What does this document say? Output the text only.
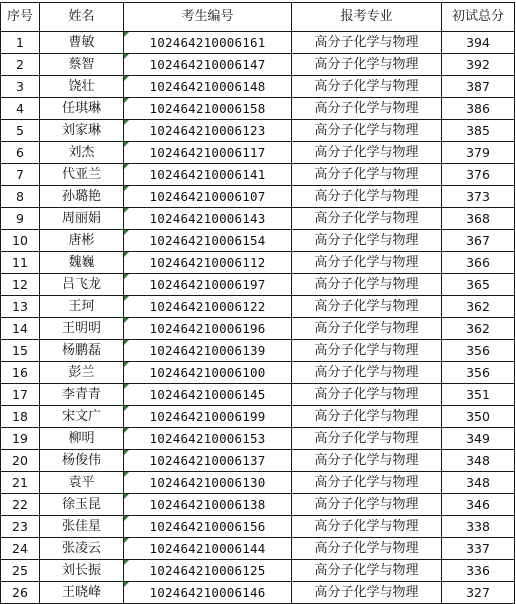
序号	姓名	考生编号	报考专业	初试总分
1	曹敏	102464210006161	高分子化学与物理	394
2	蔡智	102464210006147	高分子化学与物理	392
3	饶壮	102464210006148	高分子化学与物理	387
4	任琪琳	102464210006158	高分子化学与物理	386
5	刘家琳	102464210006123	高分子化学与物理	385
6	刘杰	102464210006117	高分子化学与物理	379
7	代亚兰	102464210006141	高分子化学与物理	376
8	孙璐艳	102464210006107	高分子化学与物理	373
9	周丽娟	102464210006143	高分子化学与物理	368
10	唐彬	102464210006154	高分子化学与物理	367
11	魏巍	102464210006112	高分子化学与物理	366
12	吕飞龙	102464210006197	高分子化学与物理	365
13	王珂	102464210006122	高分子化学与物理	362
14	王明明	102464210006196	高分子化学与物理	362
15	杨鹏磊	102464210006139	高分子化学与物理	356
16	彭兰	102464210006100	高分子化学与物理	356
17	李青青	102464210006145	高分子化学与物理	351
18	宋文广	102464210006199	高分子化学与物理	350
19	柳明	102464210006153	高分子化学与物理	349
20	杨俊伟	102464210006137	高分子化学与物理	348
21	袁平	102464210006130	高分子化学与物理	348
22	徐玉昆	102464210006138	高分子化学与物理	346
23	张佳星	102464210006156	高分子化学与物理	338
24	张凌云	102464210006144	高分子化学与物理	337
25	刘长振	102464210006125	高分子化学与物理	336
26	王晓峰	102464210006146	高分子化学与物理	327
